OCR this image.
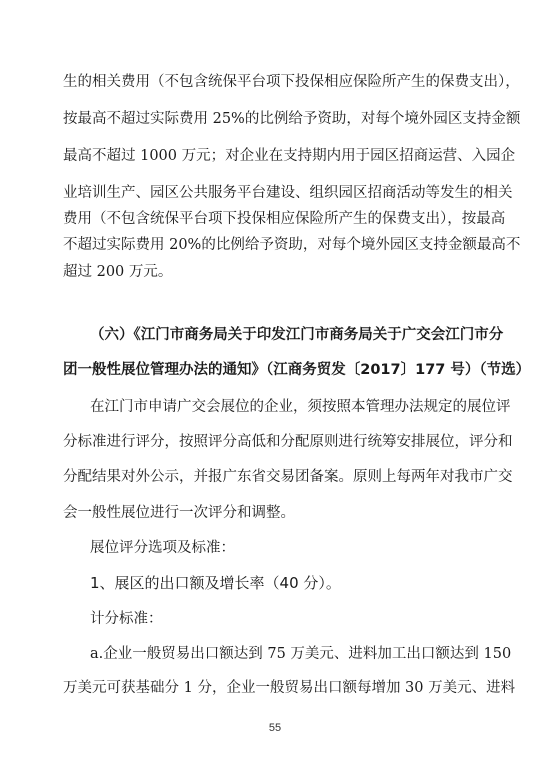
生的相关费用（不包含统保平台项下投保相应保险所产生的保费支出），
按最高不超过实际费用 25%的比例给予资助，对每个境外园区支持金额
最高不超过 1000 万元；对企业在支持期内用于园区招商运营、入园企
业培训生产、园区公共服务平台建设、组织园区招商活动等发生的相关
费用（不包含统保平台项下投保相应保险所产生的保费支出），按最高
不超过实际费用 20%的比例给予资助，对每个境外园区支持金额最高不
超过 200 万元。
（六）《江门市商务局关于印发江门市商务局关于广交会江门市分
团一般性展位管理办法的通知》（江商务贸发〔2017〕177 号）（节选）
在江门市申请广交会展位的企业，须按照本管理办法规定的展位评
分标准进行评分，按照评分高低和分配原则进行统筹安排展位，评分和
分配结果对外公示，并报广东省交易团备案。原则上每两年对我市广交
会一般性展位进行一次评分和调整。
展位评分选项及标准：
1、展区的出口额及增长率（40 分）。
计分标准：
a.企业一般贸易出口额达到 75 万美元、进料加工出口额达到 150
万美元可获基础分 1 分，企业一般贸易出口额每增加 30 万美元、进料
55
